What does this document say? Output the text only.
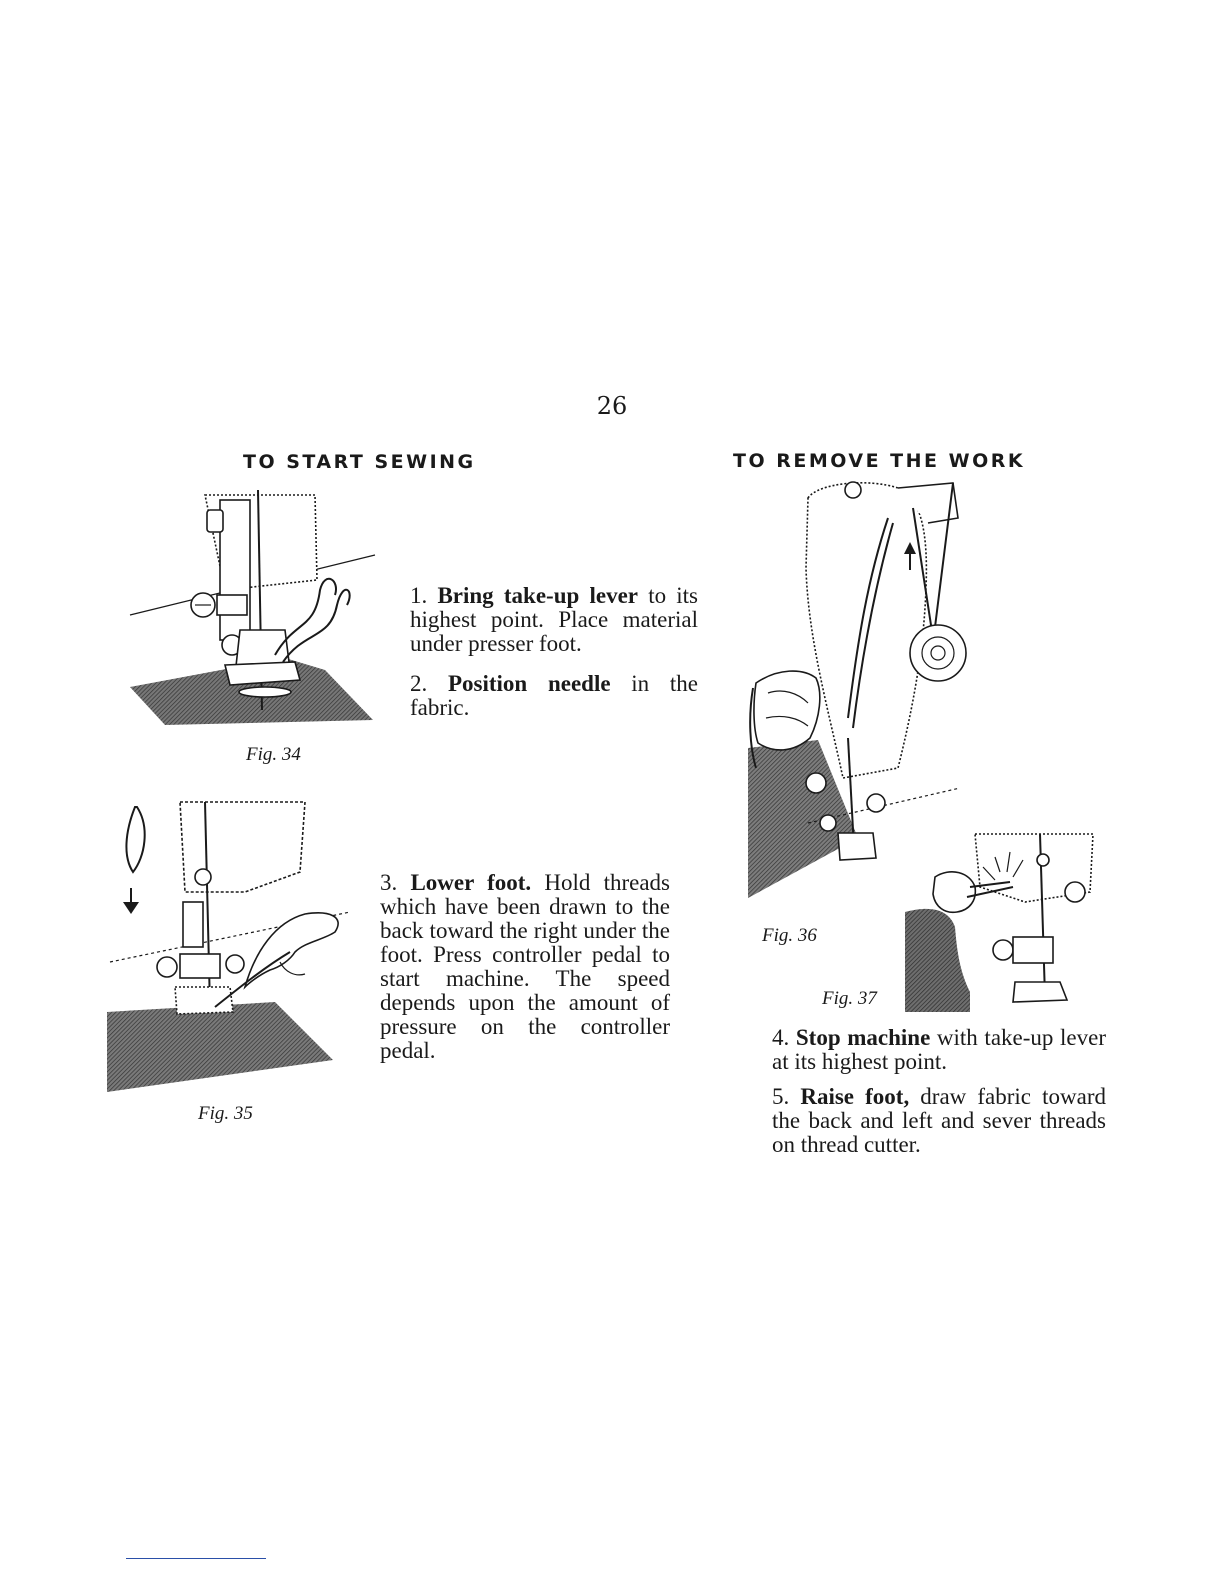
26
TO START SEWING
Fig. 34
1. Bring take-up lever to its highest point. Place material under presser foot.
2. Position needle in the fabric.
Fig. 35
3. Lower foot. Hold threads which have been drawn to the back toward the right under the foot. Press controller pedal to start machine. The speed depends upon the amount of pressure on the controller pedal.
TO REMOVE THE WORK
Fig. 36
Fig. 37
4. Stop machine with take-up lever at its highest point.
5. Raise foot, draw fabric toward the back and left and sever threads on thread cutter.
